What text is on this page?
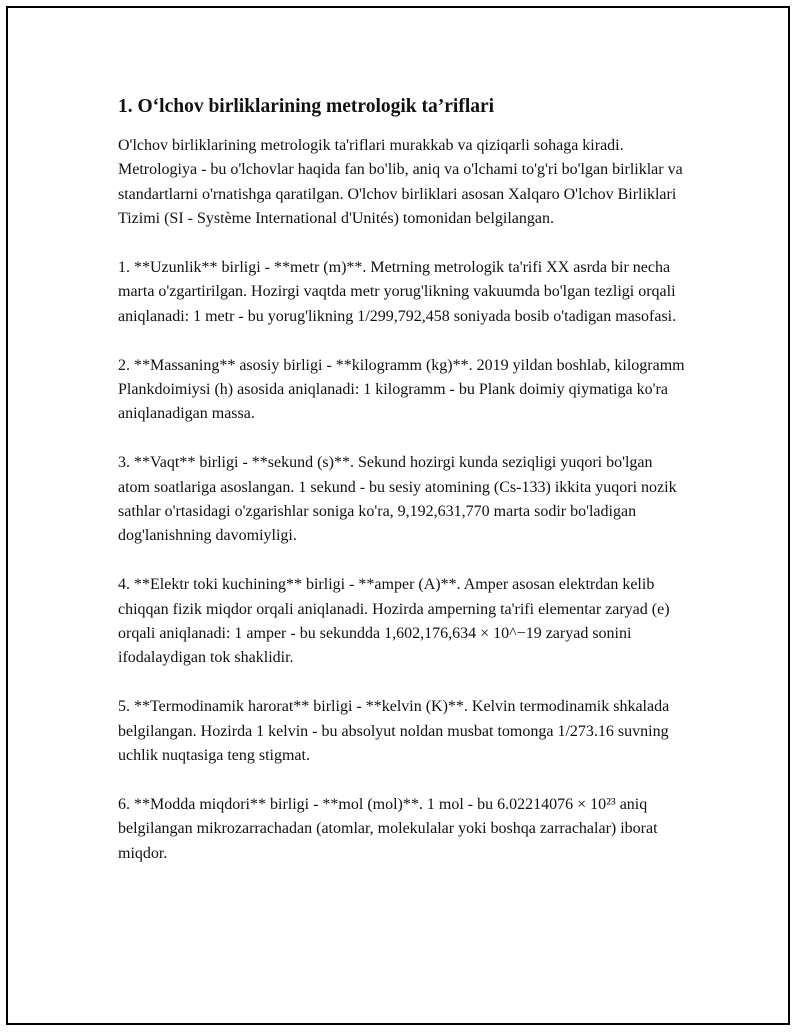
1. O‘lchov birliklarining metrologik ta’riflari

O'lchov birliklarining metrologik ta'riflari murakkab va qiziqarli sohaga kiradi. Metrologiya - bu o'lchovlar haqida fan bo'lib, aniq va o'lchami to'g'ri bo'lgan birliklar va standartlarni o'rnatishga qaratilgan. O'lchov birliklari asosan Xalqaro O'lchov Birliklari Tizimi (SI - Système International d'Unités) tomonidan belgilangan.

1. **Uzunlik** birligi - **metr (m)**. Metrning metrologik ta'rifi XX asrda bir necha marta o'zgartirilgan. Hozirgi vaqtda metr yorug'likning vakuumda bo'lgan tezligi orqali aniqlanadi: 1 metr - bu yorug'likning 1/299,792,458 soniyada bosib o'tadigan masofasi.

2. **Massaning** asosiy birligi - **kilogramm (kg)**. 2019 yildan boshlab, kilogramm Plankdoimiysi (h) asosida aniqlanadi: 1 kilogramm - bu Plank doimiy qiymatiga ko'ra aniqlanadigan massa.

3. **Vaqt** birligi - **sekund (s)**. Sekund hozirgi kunda seziqligi yuqori bo'lgan atom soatlariga asoslangan. 1 sekund - bu sesiy atomining (Cs-133) ikkita yuqori nozik sathlar o'rtasidagi o'zgarishlar soniga ko'ra, 9,192,631,770 marta sodir bo'ladigan dog'lanishning davomiyligi.

4. **Elektr toki kuchining** birligi - **amper (A)**. Amper asosan elektrdan kelib chiqqan fizik miqdor orqali aniqlanadi. Hozirda amperning ta'rifi elementar zaryad (e) orqali aniqlanadi: 1 amper - bu sekundda 1,602,176,634 × 10^−19 zaryad sonini ifodalaydigan tok shaklidir.

5. **Termodinamik harorat** birligi - **kelvin (K)**. Kelvin termodinamik shkalada belgilangan. Hozirda 1 kelvin - bu absolyut noldan musbat tomonga 1/273.16 suvning uchlik nuqtasiga teng stigmat.

6. **Modda miqdori** birligi - **mol (mol)**. 1 mol - bu 6.02214076 × 10²³ aniq belgilangan mikrozarrachadan (atomlar, molekulalar yoki boshqa zarrachalar) iborat miqdor.
